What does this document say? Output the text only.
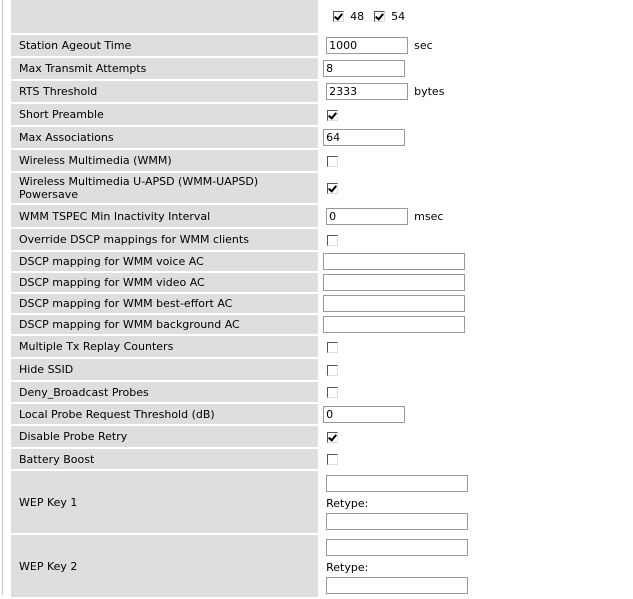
	48 54
Station Ageout Time	1000sec
Max Transmit Attempts	8
RTS Threshold	2333bytes
Short Preamble	
Max Associations	64
Wireless Multimedia (WMM)	
Wireless Multimedia U-APSD (WMM-UAPSD) Powersave	
WMM TSPEC Min Inactivity Interval	0msec
Override DSCP mappings for WMM clients	
DSCP mapping for WMM voice AC	
DSCP mapping for WMM video AC	
DSCP mapping for WMM best-effort AC	
DSCP mapping for WMM background AC	
Multiple Tx Replay Counters	
Hide SSID	
Deny_Broadcast Probes	
Local Probe Request Threshold (dB)	0
Disable Probe Retry	
Battery Boost	
WEP Key 1	Retype:

WEP Key 2	Retype:
